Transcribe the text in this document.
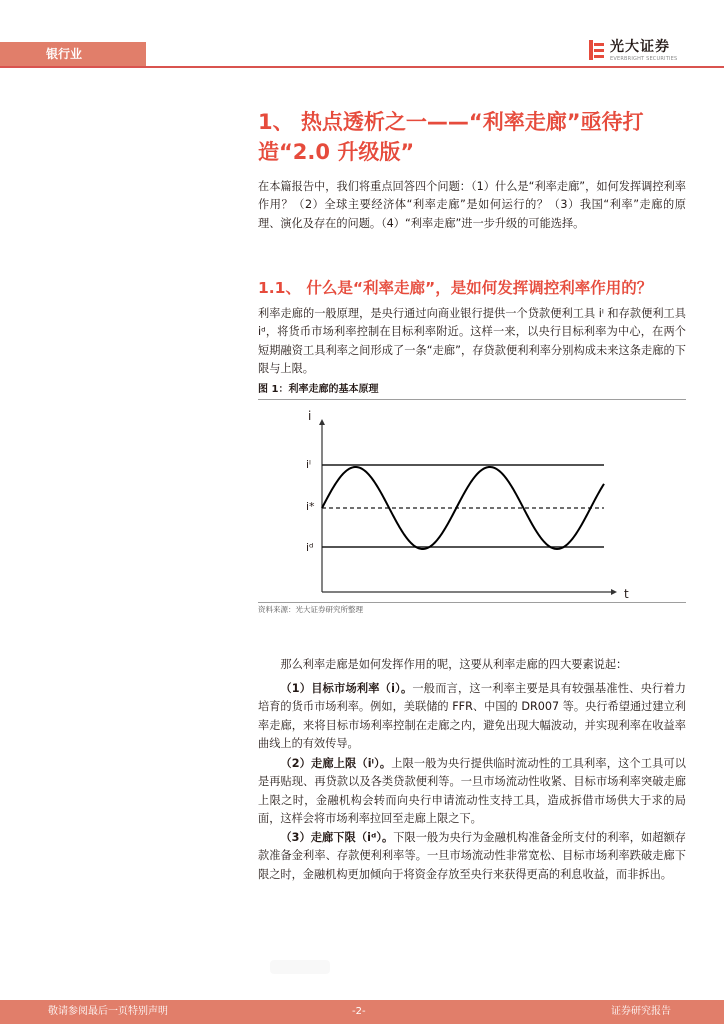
银行业	光大证券
EVERBRIGHT SECURITIES
1、 热点透析之一——“利率走廊”亟待打
造“2.0 升级版”

在本篇报告中，我们将重点回答四个问题：（1）什么是“利率走廊”，如何发挥调控利率作用？（2）全球主要经济体“利率走廊”是如何运行的？（3）我国“利率”走廊的原理、演化及存在的问题。（4）“利率走廊”进一步升级的可能选择。

1.1、 什么是“利率走廊”，是如何发挥调控利率作用的？

利率走廊的一般原理，是央行通过向商业银行提供一个贷款便利工具 iˡ 和存款便利工具 iᵈ，将货币市场利率控制在目标利率附近。这样一来，以央行目标利率为中心，在两个短期融资工具利率之间形成了一条“走廊”，存贷款便利利率分别构成未来这条走廊的下限与上限。

图 1：利率走廊的基本原理
i
t
iˡ
i*
iᵈ
资料来源：光大证券研究所整理

那么利率走廊是如何发挥作用的呢，这要从利率走廊的四大要素说起：

（1）目标市场利率（i）。一般而言，这一利率主要是具有较强基准性、央行着力培育的货币市场利率。例如，美联储的 FFR、中国的 DR007 等。央行希望通过建立利率走廊，来将目标市场利率控制在走廊之内，避免出现大幅波动，并实现利率在收益率曲线上的有效传导。

（2）走廊上限（iˡ）。上限一般为央行提供临时流动性的工具利率，这个工具可以是再贴现、再贷款以及各类贷款便利等。一旦市场流动性收紧、目标市场利率突破走廊上限之时，金融机构会转而向央行申请流动性支持工具，造成拆借市场供大于求的局面，这样会将市场利率拉回至走廊上限之下。

（3）走廊下限（iᵈ）。下限一般为央行为金融机构准备金所支付的利率，如超额存款准备金利率、存款便利利率等。一旦市场流动性非常宽松、目标市场利率跌破走廊下限之时，金融机构更加倾向于将资金存放至央行来获得更高的利息收益，而非拆出。

敬请参阅最后一页特别声明	-2-	证券研究报告
